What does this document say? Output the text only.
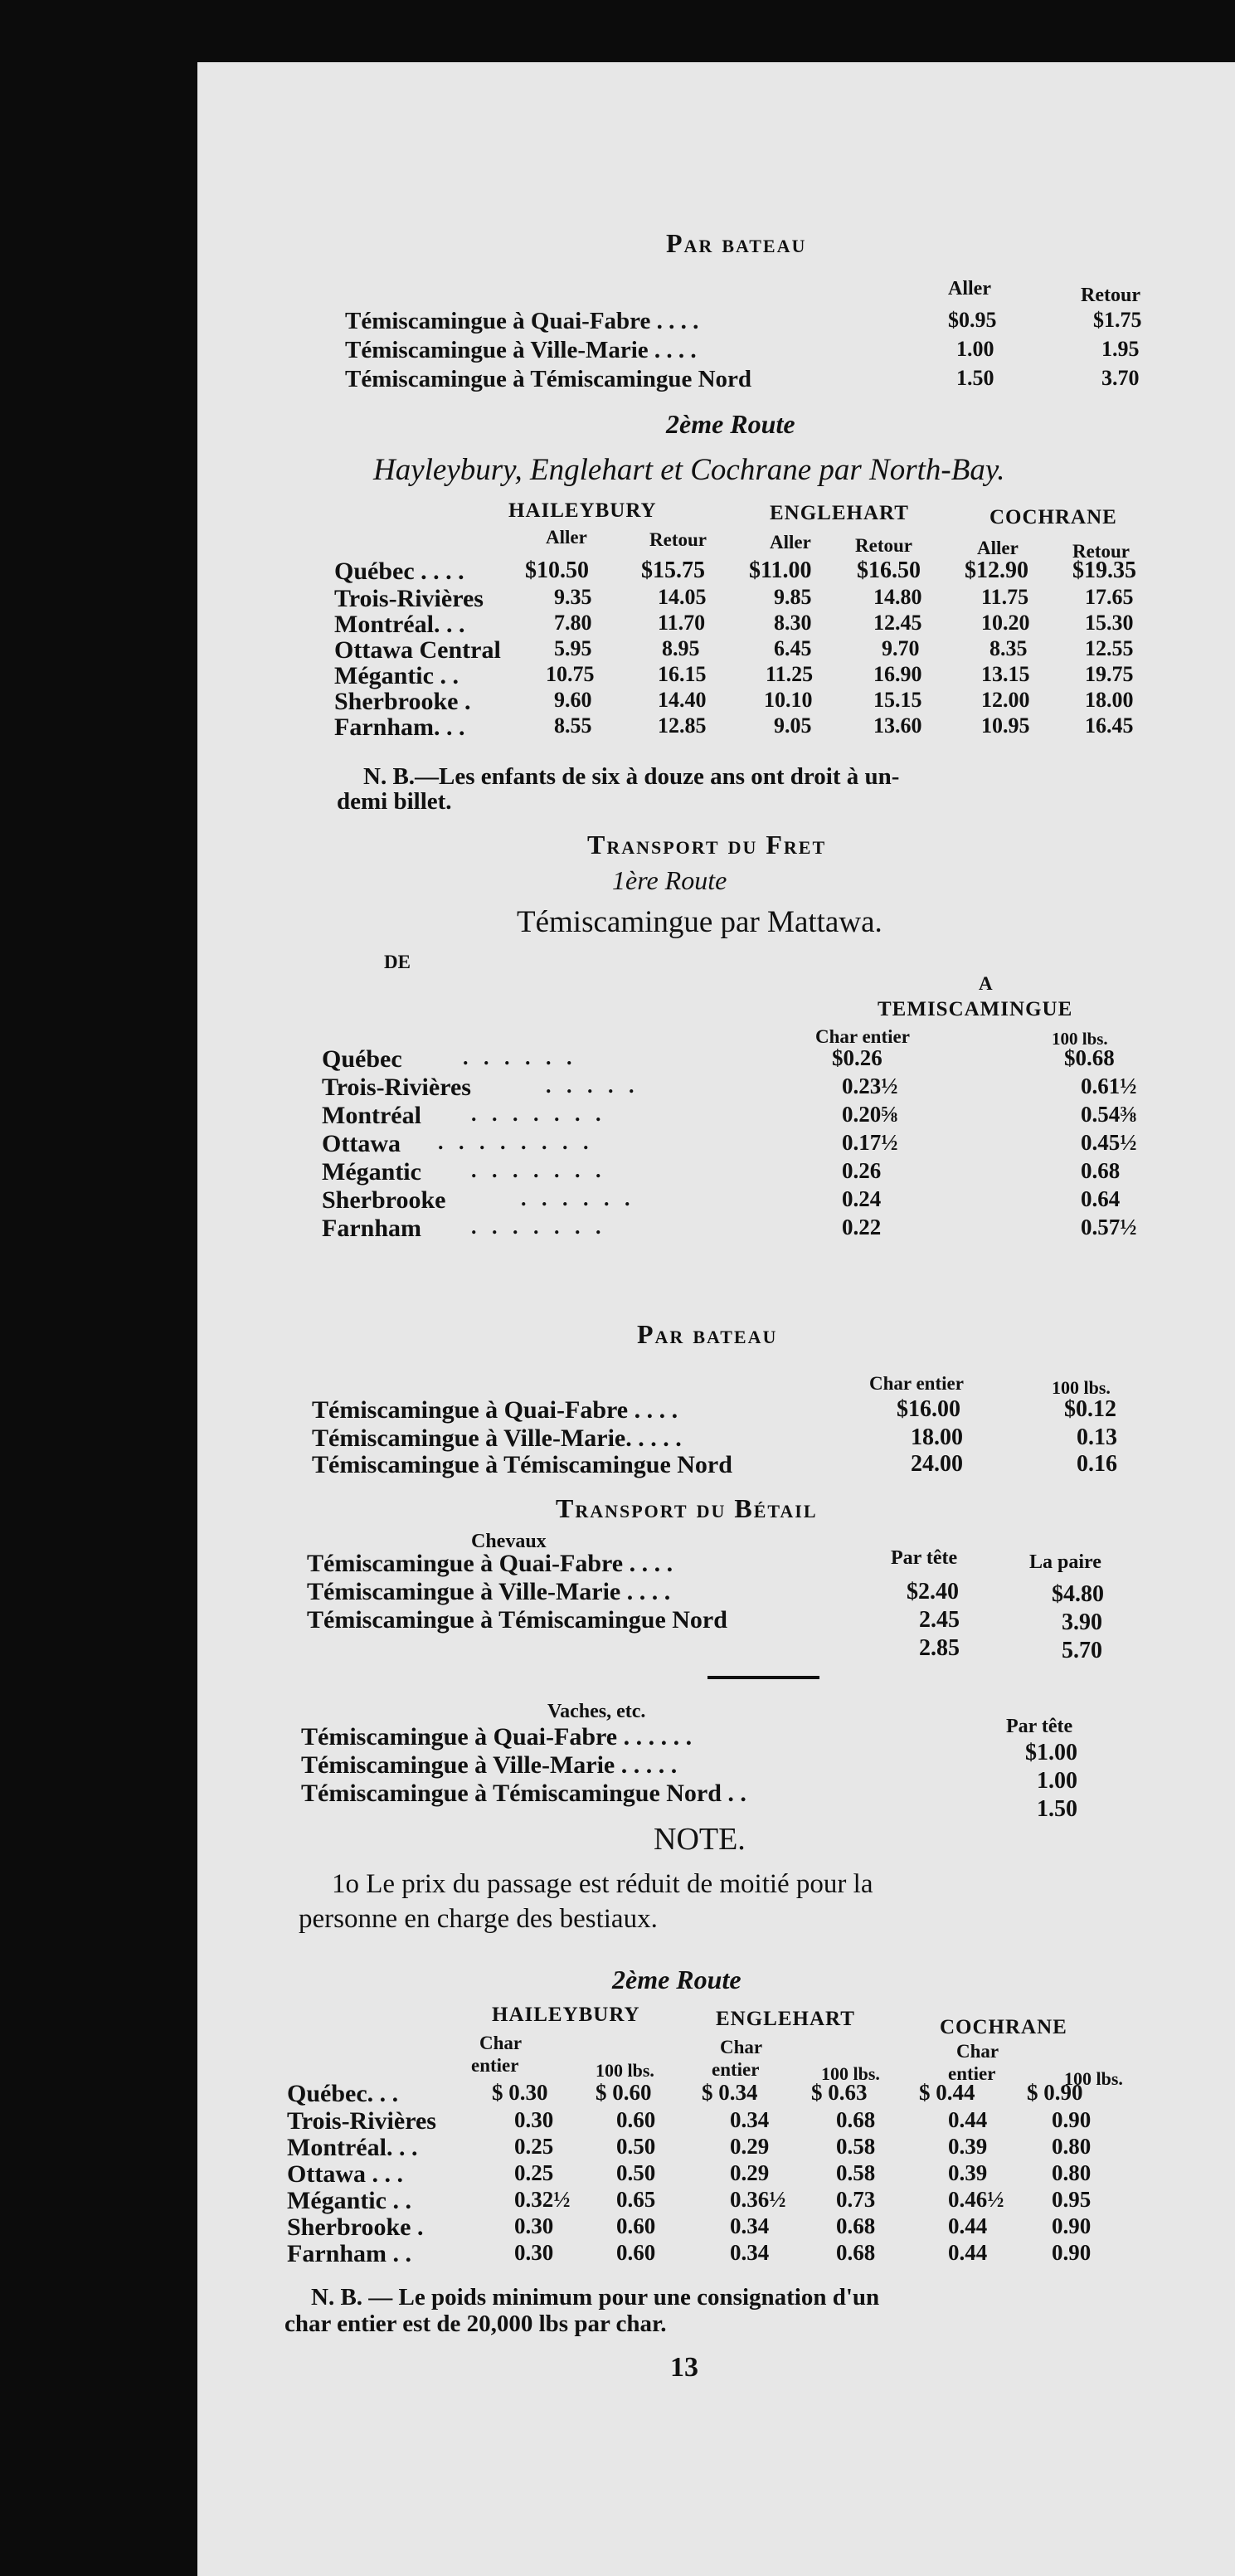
Par bateau
Aller	Retour
Témiscamingue à Quai-Fabre . . . .	$0.95	$1.75
Témiscamingue à Ville-Marie . . . .	1.00	1.95
Témiscamingue à Témiscamingue Nord	1.50	3.70
2ème Route
Hayleybury, Englehart et Cochrane par North-Bay.
HAILEYBURY	ENGLEHART	COCHRANE
Aller	Retour	Aller Retour	Aller	Retour
Québec . . . .	$10.50 $15.75 $11.00 $16.50 $12.90 $19.35
Trois-Rivières	9.35	14.05	9.85	14.80	11.75	17.65
Montréal. . .	7.80	11.70	8.30	12.45	10.20	15.30
Ottawa Central 5.95	8.95	6.45	9.70	8.35	12.55
Mégantic . .	10.75	16.15	11.25	16.90	13.15	19.75
Sherbrooke .	9.60	14.40	10.10	15.15	12.00	18.00
Farnham. . .	8.55	12.85	9.05	13.60	10.95	16.45
N. B.—Les enfants de six à douze ans ont droit à un-
demi billet.
Transport du Fret
1ère Route
Témiscamingue par Mattawa.
DE
A
TEMISCAMINGUE
Char entier	100 lbs.
Québec	. . . . . .	$0.26	$0.68
Trois-Rivières	. . . . .	0.23½	0.61½
Montréal . . . . . . .	0.20⅝	0.54⅜
Ottawa . . . . . . . .	0.17½	0.45½
Mégantic . . . . . . .	0.26	0.68
Sherbrooke	. . . . . .	0.24	0.64
Farnham . . . . . . .	0.22	0.57½
Par bateau
Char entier	100 lbs.
Témiscamingue à Quai-Fabre . . . .	$16.00	$0.12
Témiscamingue à Ville-Marie. . . . .	18.00	0.13
Témiscamingue à Témiscamingue Nord	24.00	0.16
Transport du Bétail
Chevaux
Par tête	La paire
Témiscamingue à Quai-Fabre . . . .
$2.40	$4.80
Témiscamingue à Ville-Marie . . . .
2.45	3.90
Témiscamingue à Témiscamingue Nord
2.85	5.70
Vaches, etc.
Par tête
Témiscamingue à Quai-Fabre . . . . . .
$1.00
Témiscamingue à Ville-Marie . . . . .
1.00
Témiscamingue à Témiscamingue Nord . .
1.50
NOTE.
1o Le prix du passage est réduit de moitié pour la
personne en charge des bestiaux.
2ème Route
HAILEYBURY	ENGLEHART	COCHRANE
Char
entier	100 lbs.
Char
entier	100 lbs.
Char
entier	100 lbs.
Québec. . .	$ 0.30 $ 0.60 $ 0.34 $ 0.63 $ 0.44 $ 0.90
Trois-Rivières	0.30	0.60	0.34	0.68	0.44	0.90
Montréal. . .	0.25	0.50	0.29	0.58	0.39	0.80
Ottawa . . .	0.25	0.50	0.29	0.58	0.39	0.80
Mégantic . .	0.32½ 0.65	0.36½ 0.73	0.46½ 0.95
Sherbrooke .	0.30	0.60	0.34	0.68	0.44	0.90
Farnham . .	0.30	0.60	0.34	0.68	0.44	0.90
N. B. — Le poids minimum pour une consignation d'un
char entier est de 20,000 lbs par char.
13
